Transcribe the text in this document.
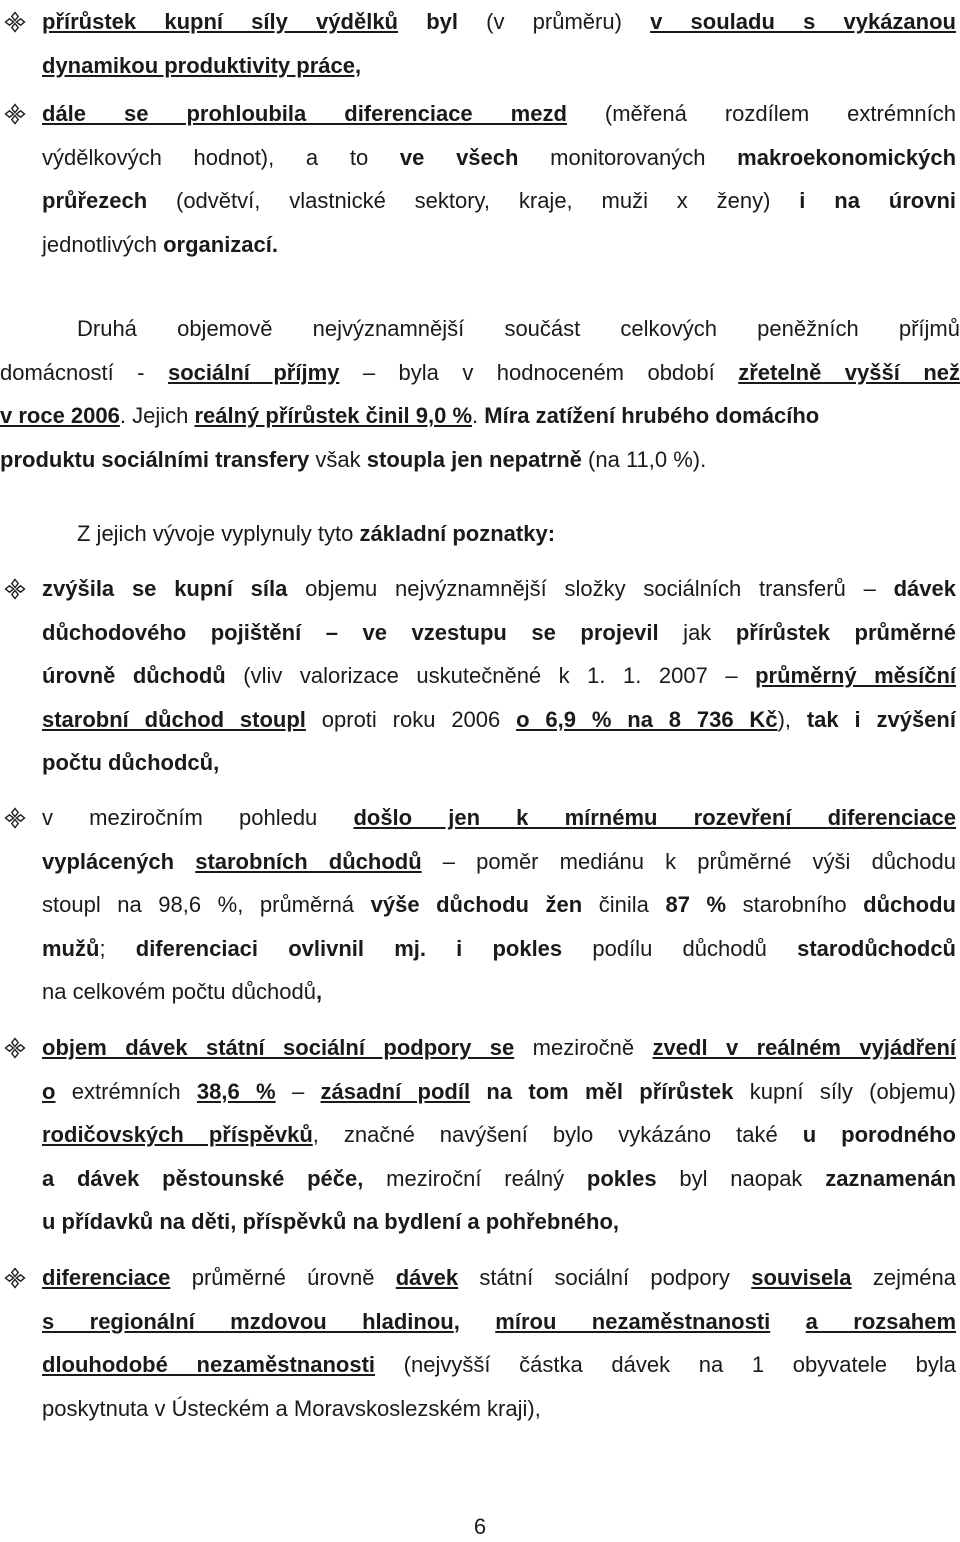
přírůstek kupní síly výdělků byl (v průměru) v souladu s vykázanou
dynamikou produktivity práce,
dále se prohloubila diferenciace mezd (měřená rozdílem extrémních
výdělkových hodnot), a to ve všech monitorovaných makroekonomických
průřezech (odvětví, vlastnické sektory, kraje, muži x ženy) i na úrovni
jednotlivých organizací.
Druhá objemově nejvýznamnější součást celkových peněžních příjmů
domácností - sociální příjmy – byla v hodnoceném období zřetelně vyšší než
v roce 2006. Jejich reálný přírůstek činil 9,0 %. Míra zatížení hrubého domácího
produktu sociálními transfery však stoupla jen nepatrně (na 11,0 %).
Z jejich vývoje vyplynuly tyto základní poznatky:
zvýšila se kupní síla objemu nejvýznamnější složky sociálních transferů – dávek
důchodového pojištění – ve vzestupu se projevil jak přírůstek průměrné
úrovně důchodů (vliv valorizace uskutečněné k 1. 1. 2007 – průměrný měsíční
starobní důchod stoupl oproti roku 2006 o 6,9 % na 8 736 Kč), tak i zvýšení
počtu důchodců,
v meziročním pohledu došlo jen k mírnému rozevření diferenciace
vyplácených starobních důchodů – poměr mediánu k průměrné výši důchodu
stoupl na 98,6 %, průměrná výše důchodu žen činila 87 % starobního důchodu
mužů; diferenciaci ovlivnil mj. i pokles podílu důchodů starodůchodců
na celkovém počtu důchodů,
objem dávek státní sociální podpory se meziročně zvedl v reálném vyjádření
o extrémních 38,6 % – zásadní podíl na tom měl přírůstek kupní síly (objemu)
rodičovských příspěvků, značné navýšení bylo vykázáno také u porodného
a dávek pěstounské péče, meziroční reálný pokles byl naopak zaznamenán
u přídavků na děti, příspěvků na bydlení a pohřebného,
diferenciace průměrné úrovně dávek státní sociální podpory souvisela zejména
s regionální mzdovou hladinou, mírou nezaměstnanosti a rozsahem
dlouhodobé nezaměstnanosti (nejvyšší částka dávek na 1 obyvatele byla
poskytnuta v Ústeckém a Moravskoslezském kraji),
6
